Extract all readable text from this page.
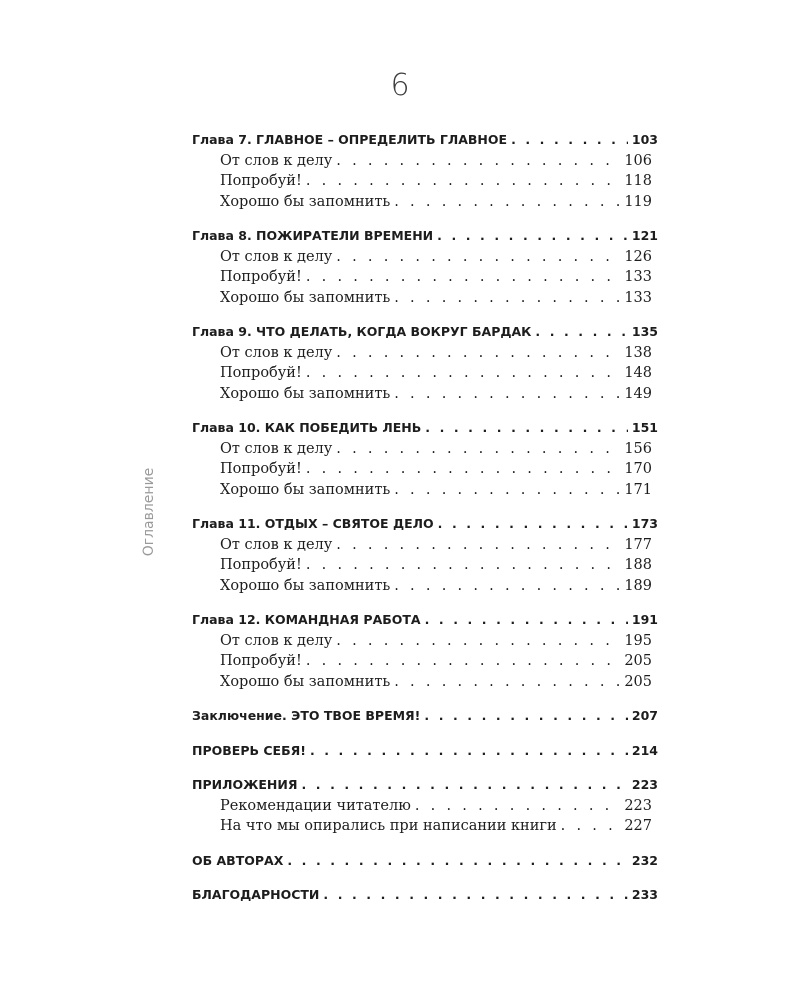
6
Оглавление
Глава 7. ГЛАВНОЕ – ОПРЕДЕЛИТЬ ГЛАВНОЕ . . .	103
От слов к делу . . .	106
Попробуй! . . .	118
Хорошо бы запомнить . . .	119
Глава 8. ПОЖИРАТЕЛИ ВРЕМЕНИ . . .	121
От слов к делу . . .	126
Попробуй! . . .	133
Хорошо бы запомнить . . .	133
Глава 9. ЧТО ДЕЛАТЬ, КОГДА ВОКРУГ БАРДАК . . .	135
От слов к делу . . .	138
Попробуй! . . .	148
Хорошо бы запомнить . . .	149
Глава 10. КАК ПОБЕДИТЬ ЛЕНЬ . . .	151
От слов к делу . . .	156
Попробуй! . . .	170
Хорошо бы запомнить . . .	171
Глава 11. ОТДЫХ – СВЯТОЕ ДЕЛО . . .	173
От слов к делу . . .	177
Попробуй! . . .	188
Хорошо бы запомнить . . .	189
Глава 12. КОМАНДНАЯ РАБОТА . . .	191
От слов к делу . . .	195
Попробуй! . . .	205
Хорошо бы запомнить . . .	205
Заключение. ЭТО ТВОЕ ВРЕМЯ! . . .	207
ПРОВЕРЬ СЕБЯ! . . .	214
ПРИЛОЖЕНИЯ . . .	223
Рекомендации читателю . . .	223
На что мы опирались при написании книги . . .	227
ОБ АВТОРАХ . . .	232
БЛАГОДАРНОСТИ . . .	233
